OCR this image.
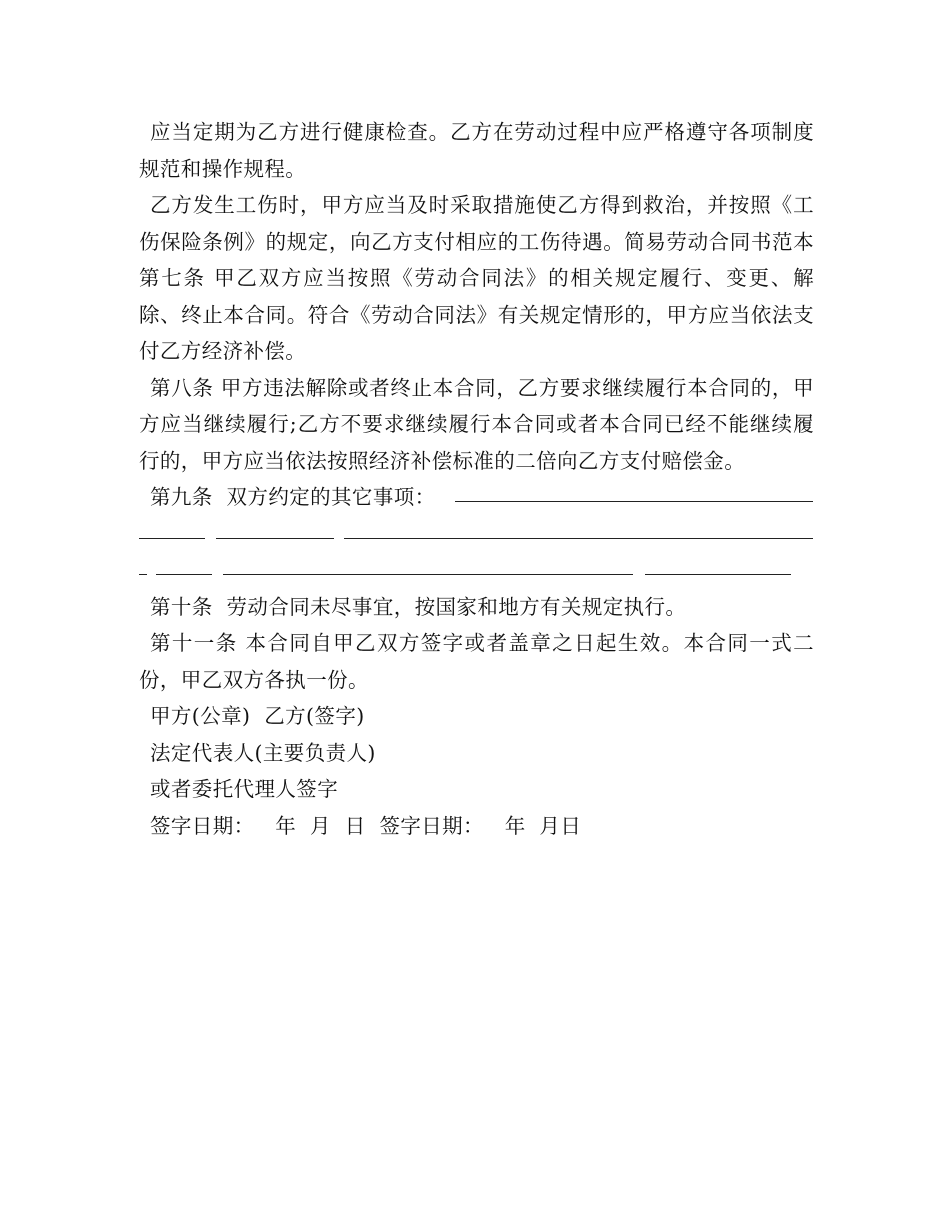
应当定期为乙方进行健康检查。乙方在劳动过程中应严格遵守各项制度规范和操作规程。

乙方发生工伤时，甲方应当及时采取措施使乙方得到救治，并按照《工伤保险条例》的规定，向乙方支付相应的工伤待遇。简易劳动合同书范本第七条 甲乙双方应当按照《劳动合同法》的相关规定履行、变更、解除、终止本合同。符合《劳动合同法》有关规定情形的，甲方应当依法支付乙方经济补偿。

第八条 甲方违法解除或者终止本合同，乙方要求继续履行本合同的，甲方应当继续履行;乙方不要求继续履行本合同或者本合同已经不能继续履行的，甲方应当依法按照经济补偿标准的二倍向乙方支付赔偿金。

第九条  双方约定的其它事项：

第十条  劳动合同未尽事宜，按国家和地方有关规定执行。

第十一条 本合同自甲乙双方签字或者盖章之日起生效。本合同一式二份，甲乙双方各执一份。

甲方(公章)  乙方(签字)

法定代表人(主要负责人)

或者委托代理人签字

签字日期：   年  月  日  签字日期：   年  月日
